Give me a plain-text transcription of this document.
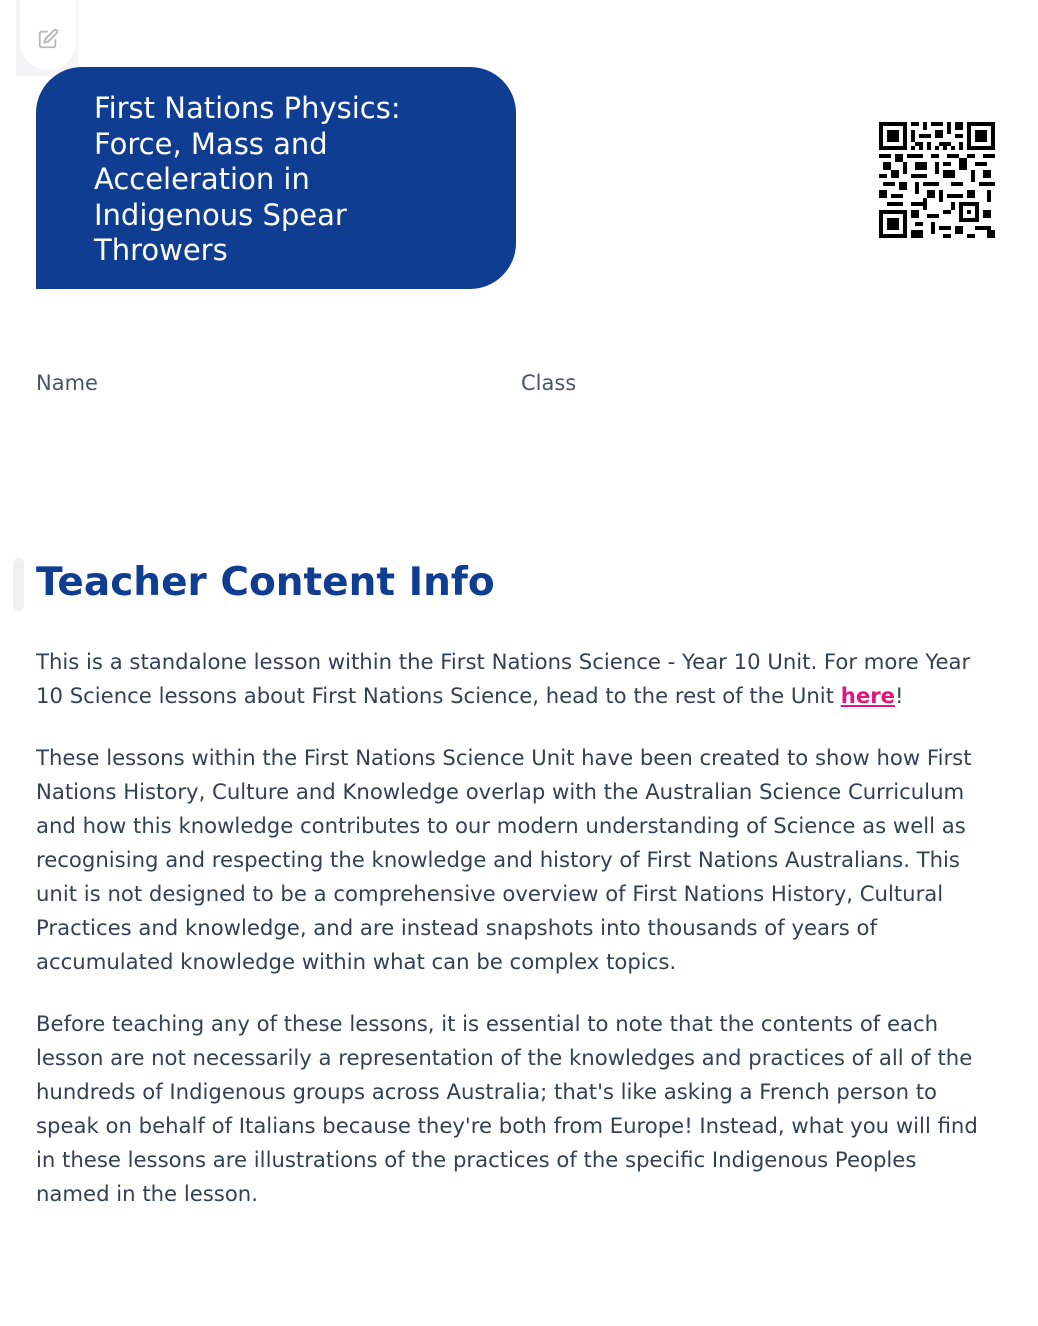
First Nations Physics: Force, Mass and Acceleration in Indigenous Spear Throwers
Name	Class
Teacher Content Info

This is a standalone lesson within the First Nations Science - Year 10 Unit. For more Year 10 Science lessons about First Nations Science, head to the rest of the Unit here!

These lessons within the First Nations Science Unit have been created to show how First Nations History, Culture and Knowledge overlap with the Australian Science Curriculum and how this knowledge contributes to our modern understanding of Science as well as recognising and respecting the knowledge and history of First Nations Australians. This unit is not designed to be a comprehensive overview of First Nations History, Cultural Practices and knowledge, and are instead snapshots into thousands of years of accumulated knowledge within what can be complex topics.

Before teaching any of these lessons, it is essential to note that the contents of each lesson are not necessarily a representation of the knowledges and practices of all of the hundreds of Indigenous groups across Australia; that's like asking a French person to speak on behalf of Italians because they're both from Europe! Instead, what you will find in these lessons are illustrations of the practices of the specific Indigenous Peoples named in the lesson.
